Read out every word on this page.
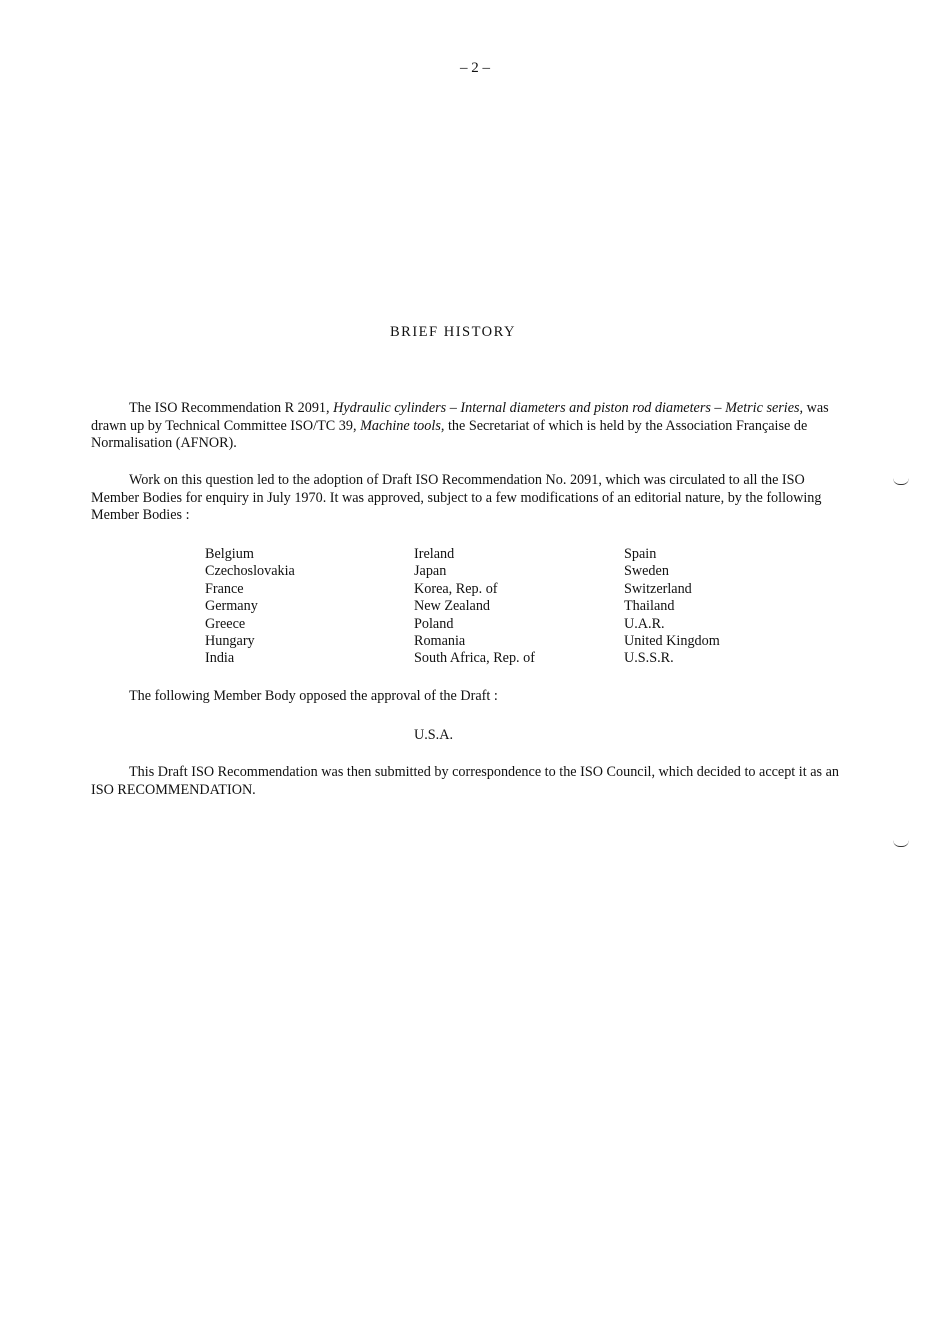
– 2 –
BRIEF HISTORY

The ISO Recommendation R 2091, Hydraulic cylinders – Internal diameters and piston rod diameters – Metric series, was drawn up by Technical Committee ISO/TC 39, Machine tools, the Secretariat of which is held by the Association Française de Normalisation (AFNOR).

Work on this question led to the adoption of Draft ISO Recommendation No. 2091, which was circulated to all the ISO Member Bodies for enquiry in July 1970. It was approved, subject to a few modifications of an editorial nature, by the following Member Bodies :

Belgium
Czechoslovakia
France
Germany
Greece
Hungary
India
Ireland
Japan
Korea, Rep. of
New Zealand
Poland
Romania
South Africa, Rep. of
Spain
Sweden
Switzerland
Thailand
U.A.R.
United Kingdom
U.S.S.R.

The following Member Body opposed the approval of the Draft :

U.S.A.

This Draft ISO Recommendation was then submitted by correspondence to the ISO Council, which decided to accept it as an ISO RECOMMENDATION.
